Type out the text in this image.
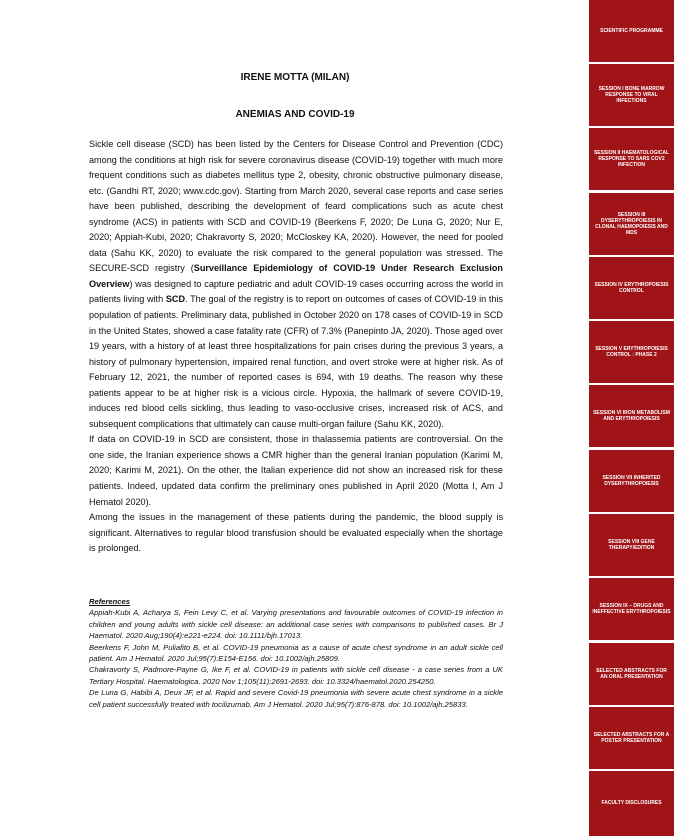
IRENE MOTTA (MILAN)
ANEMIAS AND COVID-19

Sickle cell disease (SCD) has been listed by the Centers for Disease Control and Prevention (CDC) among the conditions at high risk for severe coronavirus disease (COVID-19) together with much more frequent conditions such as diabetes mellitus type 2, obesity, chronic obstructive pulmonary disease, etc. (Gandhi RT, 2020; www.cdc.gov). Starting from March 2020, several case reports and case series have been published, describing the development of feard complications such as acute chest syndrome (ACS) in patients with SCD and COVID-19 (Beerkens F, 2020; De Luna G, 2020; Nur E, 2020; Appiah-Kubi, 2020; Chakravorty S, 2020; McCloskey KA, 2020). However, the need for pooled data (Sahu KK, 2020) to evaluate the risk compared to the general population was stressed. The SECURE-SCD registry (Surveillance Epidemiology of COVID-19 Under Research Exclusion Overview) was designed to capture pediatric and adult COVID-19 cases occurring across the world in patients living with SCD. The goal of the registry is to report on outcomes of cases of COVID-19 in this population of patients. Preliminary data, published in October 2020 on 178 cases of COVID-19 in SCD in the United States, showed a case fatality rate (CFR) of 7.3% (Panepinto JA, 2020). Those aged over 19 years, with a history of at least three hospitalizations for pain crises during the previous 3 years, a history of pulmonary hypertension, impaired renal function, and overt stroke were at higher risk. As of February 12, 2021, the number of reported cases is 694, with 19 deaths. The reason why these patients appear to be at higher risk is a vicious circle. Hypoxia, the hallmark of severe COVID-19, induces red blood cells sickling, thus leading to vaso-occlusive crises, increased risk of ACS, and subsequent complications that ultimately can cause multi-organ failure (Sahu KK, 2020).

If data on COVID-19 in SCD are consistent, those in thalassemia patients are controversial. On the one side, the Iranian experience shows a CMR higher than the general Iranian population (Karimi M, 2020; Karimi M, 2021). On the other, the Italian experience did not show an increased risk for these patients. Indeed, updated data confirm the preliminary ones published in April 2020 (Motta I, Am J Hematol 2020).

Among the issues in the management of these patients during the pandemic, the blood supply is significant. Alternatives to regular blood transfusion should be evaluated especially when the shortage is prolonged.

References

Appiah-Kubi A, Acharya S, Fein Levy C, et al. Varying presentations and favourable outcomes of COVID-19 infection in children and young adults with sickle cell disease: an additional case series with comparisons to published cases. Br J Haematol. 2020 Aug;190(4):e221-e224. doi: 10.1111/bjh.17013.

Beerkens F, John M, Puliafito B, et al. COVID-19 pneumonia as a cause of acute chest syndrome in an adult sickle cell patient. Am J Hematol. 2020 Jul;95(7):E154-E156. doi: 10.1002/ajh.25809.

Chakravorty S, Padmore-Payne G, Ike F, et al. COVID-19 in patients with sickle cell disease - a case series from a UK Tertiary Hospital. Haematologica. 2020 Nov 1;105(11):2691-2693. doi: 10.3324/haematol.2020.254250.

De Luna G, Habibi A, Deux JF, et al. Rapid and severe Covid-19 pneumonia with severe acute chest syndrome in a sickle cell patient successfully treated with tocilizumab. Am J Hematol. 2020 Jul;95(7):876-878. doi: 10.1002/ajh.25833.

SCIENTIFIC PROGRAMME
SESSION I BONE MARROW RESPONSE TO VIRAL INFECTIONS
SESSION II HAEMATOLOGICAL RESPONSE TO SARS COV2 INFECTION
SESSION III DYSERYTHROPOIESIS IN CLONAL HAEMOPOIESIS AND MDS
SESSION IV ERYTHROPOIESIS CONTROL
SESSION V ERYTHROPOIESIS CONTROL : PHASE 2
SESSION VI IRON METABOLISM AND ERYTHROPOIESIS
SESSION VII INHERITED DYSERYTHROPOIESIS
SESSION VIII GENE THERAPY/EDITION
SESSION IX – DRUGS AND INEFFECTIVE ERYTHROPOIESIS
SELECTED ABSTRACTS FOR AN ORAL PRESENTATION
SELECTED ABSTRACTS FOR A POSTER PRESENTATION
FACULTY DISCLOSURES
